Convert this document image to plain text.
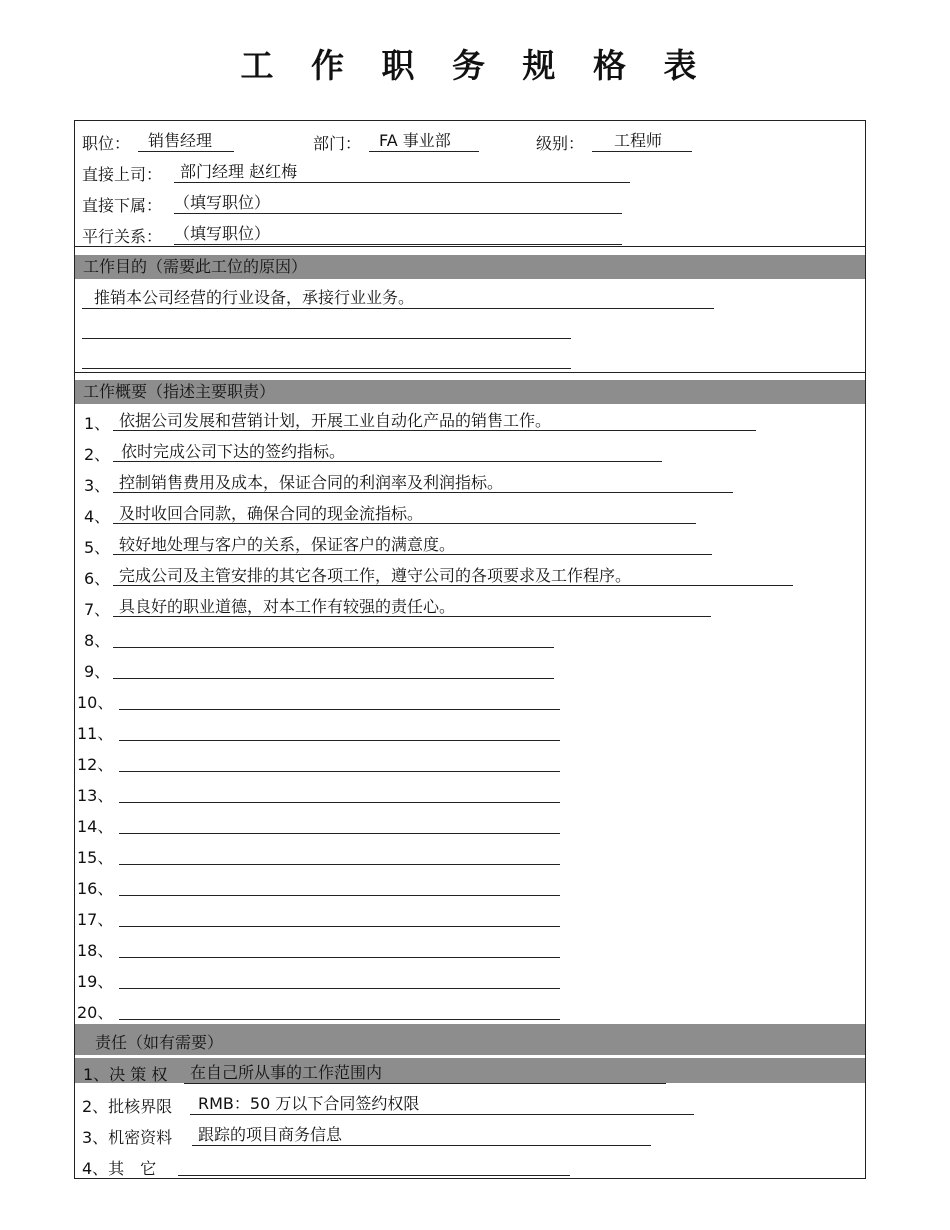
工 作 职 务 规 格 表
职位：	销售经理	部门：	FA 事业部	级别：	工程师
直接上司：	部门经理 赵红梅
直接下属： （填写职位）
平行关系： （填写职位）
工作目的（需要此工位的原因）
推销本公司经营的行业设备，承接行业业务。
工作概要（指述主要职责）
1、 依据公司发展和营销计划，开展工业自动化产品的销售工作。
2、 依时完成公司下达的签约指标。
3、 控制销售费用及成本，保证合同的利润率及利润指标。
4、 及时收回合同款，确保合同的现金流指标。
5、 较好地处理与客户的关系，保证客户的满意度。
6、 完成公司及主管安排的其它各项工作，遵守公司的各项要求及工作程序。
7、 具良好的职业道德，对本工作有较强的责任心。
8、
9、
10、
11、
12、
13、
14、
15、
16、
17、
18、
19、
20、
责任（如有需要）
1、决 策 权	在自己所从事的工作范围内
2、批核界限	RMB：50 万以下合同签约权限
3、机密资料	跟踪的项目商务信息
4、其　它
